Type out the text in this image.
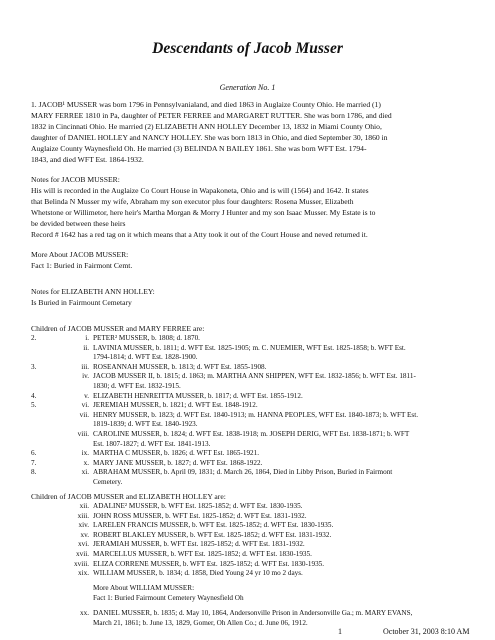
Descendants of Jacob Musser
Generation No. 1

1. JACOB¹ MUSSER was born 1796 in Pennsylvanialand, and died 1863 in Auglaize County Ohio. He married (1)

MARY FERREE 1810 in Pa, daughter of PETER FERREE and MARGARET RUTTER. She was born 1786, and died

1832 in Cincinnati Ohio. He married (2) ELIZABETH ANN HOLLEY December 13, 1832 in Miami County Ohio,

daughter of DANIEL HOLLEY and NANCY HOLLEY. She was born 1813 in Ohio, and died September 30, 1860 in

Auglaize County Waynesfield Oh. He married (3) BELINDA N BAILEY 1861. She was born WFT Est. 1794-

1843, and died WFT Est. 1864-1932.

Notes for JACOB MUSSER:

His will is recorded in the Auglaize Co Court House in Wapakoneta, Ohio and is will (1564) and 1642. It states

that Belinda N Musser my wife, Abraham my son executor plus four daughters: Rosena Musser, Elizabeth

Whetstone or Willimetor, here heir's Martha Morgan & Morry J Hunter and my son Isaac Musser. My Estate is to

be devided between these heirs

Record # 1642 has a red tag on it which means that a Atty took it out of the Court House and neved returned it.

More About JACOB MUSSER:

Fact 1: Buried in Fairmont Cemt.

Notes for ELIZABETH ANN HOLLEY:

Is Buried in Fairmount Cemetary

Children of JACOB MUSSER and MARY FERREE are:

2.	i. PETER² MUSSER, b. 1808; d. 1870.
ii. LAVINIA MUSSER, b. 1811; d. WFT Est. 1825-1905; m. C. NUEMIER, WFT Est. 1825-1858; b. WFT Est.
1794-1814; d. WFT Est. 1828-1900.
3.	iii. ROSEANNAH MUSSER, b. 1813; d. WFT Est. 1855-1908.
iv. JACOB MUSSER II, b. 1815; d. 1863; m. MARTHA ANN SHIPPEN, WFT Est. 1832-1856; b. WFT Est. 1811-
1830; d. WFT Est. 1832-1915.
4.	v. ELIZABETH HENREITTA MUSSER, b. 1817; d. WFT Est. 1855-1912.
5.	vi. JEREMIAH MUSSER, b. 1821; d. WFT Est. 1848-1912.
vii. HENRY MUSSER, b. 1823; d. WFT Est. 1840-1913; m. HANNA PEOPLES, WFT Est. 1840-1873; b. WFT Est.
1819-1839; d. WFT Est. 1840-1923.
viii. CAROLINE MUSSER, b. 1824; d. WFT Est. 1838-1918; m. JOSEPH DERIG, WFT Est. 1838-1871; b. WFT
Est. 1807-1827; d. WFT Est. 1841-1913.
6.	ix. MARTHA C MUSSER, b. 1826; d. WFT Est. 1865-1921.
7.	x. MARY JANE MUSSER, b. 1827; d. WFT Est. 1868-1922.
8.	xi. ABRAHAM MUSSER, b. April 09, 1831; d. March 26, 1864, Died in Libby Prison, Buried in Fairmont
Cemetery.

Children of JACOB MUSSER and ELIZABETH HOLLEY are:

xii. ADALINE² MUSSER, b. WFT Est. 1825-1852; d. WFT Est. 1830-1935.
xiii. JOHN ROSS MUSSER, b. WFT Est. 1825-1852; d. WFT Est. 1831-1932.
xiv. LARELEN FRANCIS MUSSER, b. WFT Est. 1825-1852; d. WFT Est. 1830-1935.
xv. ROBERT BLAKLEY MUSSER, b. WFT Est. 1825-1852; d. WFT Est. 1831-1932.
xvi. JERAMIAH MUSSER, b. WFT Est. 1825-1852; d. WFT Est. 1831-1932.
xvii. MARCELLUS MUSSER, b. WFT Est. 1825-1852; d. WFT Est. 1830-1935.
xviii. ELIZA CORRENE MUSSER, b. WFT Est. 1825-1852; d. WFT Est. 1830-1935.
xix. WILLIAM MUSSER, b. 1834; d. 1858, Died Young 24 yr 10 mo 2 days.
More About WILLIAM MUSSER:
Fact 1: Buried Fairmount Cemetery Waynesfield Oh
xx. DANIEL MUSSER, b. 1835; d. May 10, 1864, Andersonville Prison in Andersonville Ga.; m. MARY EVANS,
March 21, 1861; b. June 13, 1829, Gomer, Oh Allen Co.; d. June 06, 1912.
1	October 31, 2003 8:10 AM
